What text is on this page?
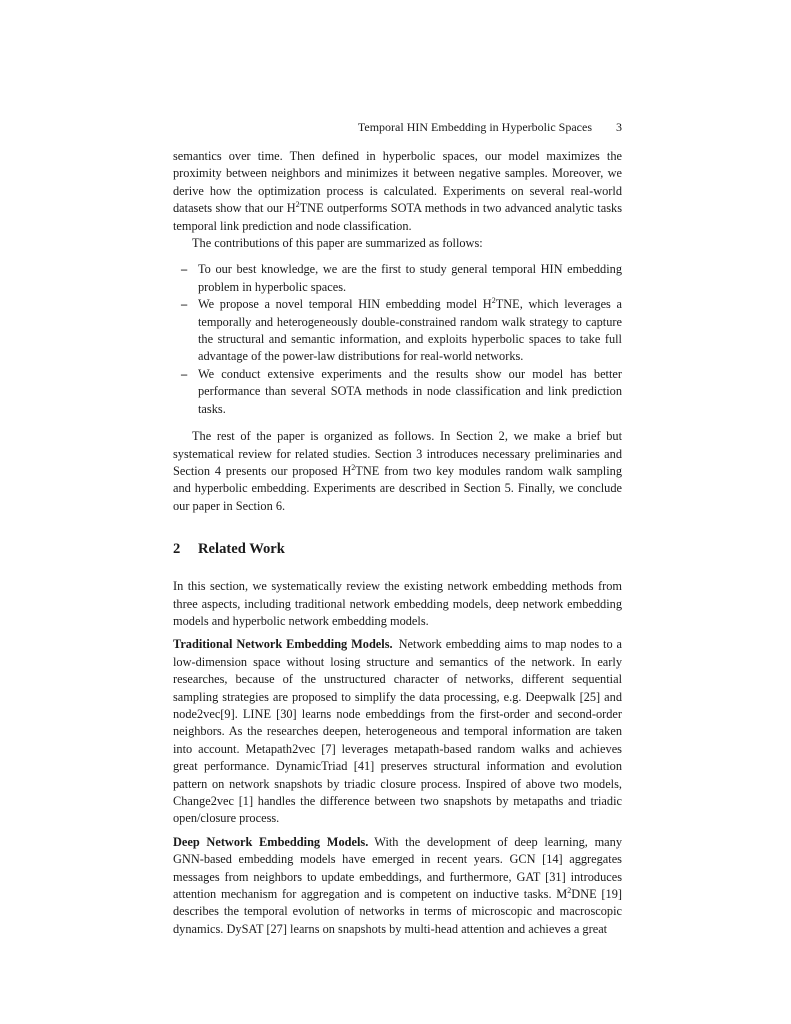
Temporal HIN Embedding in Hyperbolic Spaces 3

semantics over time. Then defined in hyperbolic spaces, our model maximizes the proximity between neighbors and minimizes it between negative samples. Moreover, we derive how the optimization process is calculated. Experiments on several real-world datasets show that our $H^2TNE$ outperforms SOTA methods in two advanced analytic tasks temporal link prediction and node classification.

The contributions of this paper are summarized as follows:

– To our best knowledge, we are the first to study general temporal HIN embedding problem in hyperbolic spaces.
– We propose a novel temporal HIN embedding model $H^2TNE$, which leverages a temporally and heterogeneously double-constrained random walk strategy to capture the structural and semantic information, and exploits hyperbolic spaces to take full advantage of the power-law distributions for real-world networks.
– We conduct extensive experiments and the results show our model has better performance than several SOTA methods in node classification and link prediction tasks.

The rest of the paper is organized as follows. In Section 2, we make a brief but systematical review for related studies. Section 3 introduces necessary preliminaries and Section 4 presents our proposed $H^2TNE$ from two key modules random walk sampling and hyperbolic embedding. Experiments are described in Section 5. Finally, we conclude our paper in Section 6.

2 Related Work

In this section, we systematically review the existing network embedding methods from three aspects, including traditional network embedding models, deep network embedding models and hyperbolic network embedding models.

Traditional Network Embedding Models. Network embedding aims to map nodes to a low-dimension space without losing structure and semantics of the network. In early researches, because of the unstructured character of networks, different sequential sampling strategies are proposed to simplify the data processing, e.g. Deepwalk [25] and node2vec[9]. LINE [30] learns node embeddings from the first-order and second-order neighbors. As the researches deepen, heterogeneous and temporal information are taken into account. Metapath2vec [7] leverages metapath-based random walks and achieves great performance. DynamicTriad [41] preserves structural information and evolution pattern on network snapshots by triadic closure process. Inspired of above two models, Change2vec [1] handles the difference between two snapshots by metapaths and triadic open/closure process.

Deep Network Embedding Models. With the development of deep learning, many GNN-based embedding models have emerged in recent years. GCN [14] aggregates messages from neighbors to update embeddings, and furthermore, GAT [31] introduces attention mechanism for aggregation and is competent on inductive tasks. $M^2DNE$ [19] describes the temporal evolution of networks in terms of microscopic and macroscopic dynamics. DySAT [27] learns on snapshots by multi-head attention and achieves a great
